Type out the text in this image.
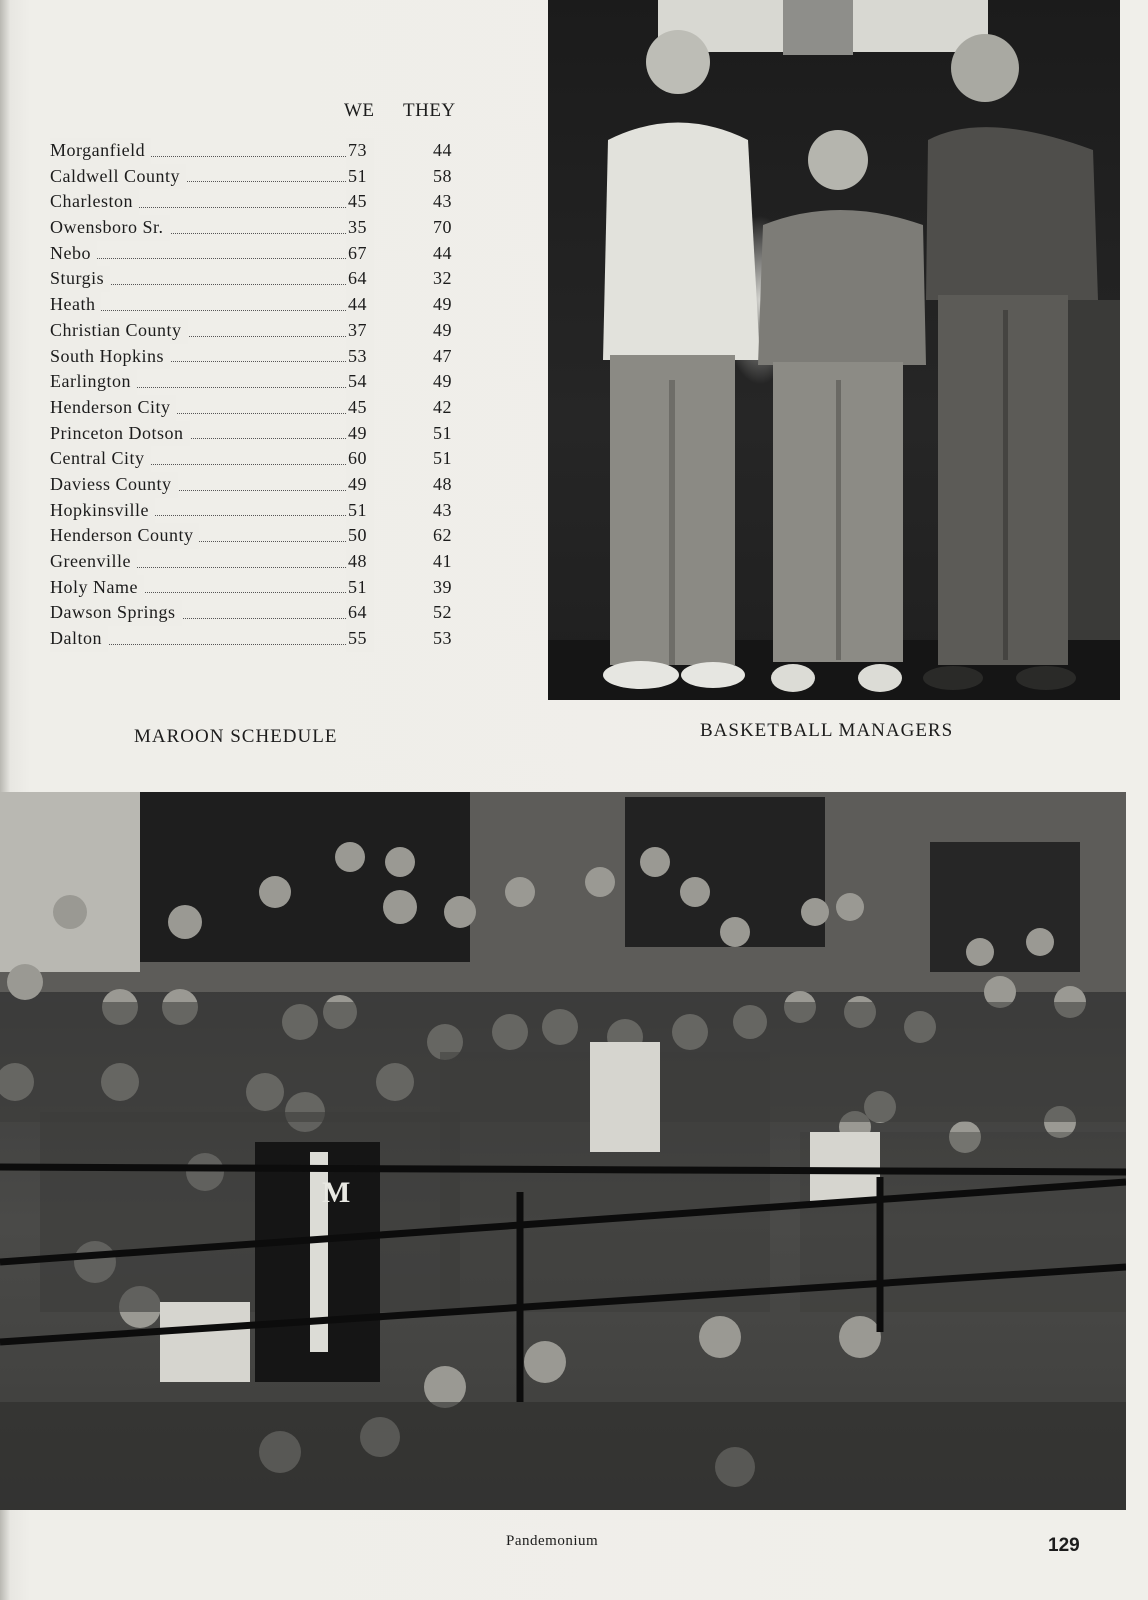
WE THEY
Morganfield	73	44
Caldwell County	51	58
Charleston	45	43
Owensboro Sr.	35	70
Nebo	67	44
Sturgis	64	32
Heath	44	49
Christian County	37	49
South Hopkins	53	47
Earlington	54	49
Henderson City	45	42
Princeton Dotson	49	51
Central City	60	51
Daviess County	49	48
Hopkinsville	51	43
Henderson County	50	62
Greenville	48	41
Holy Name	51	39
Dawson Springs	64	52
Dalton	55	53
MAROON SCHEDULE	BASKETBALL MANAGERS
M
Pandemonium	129
